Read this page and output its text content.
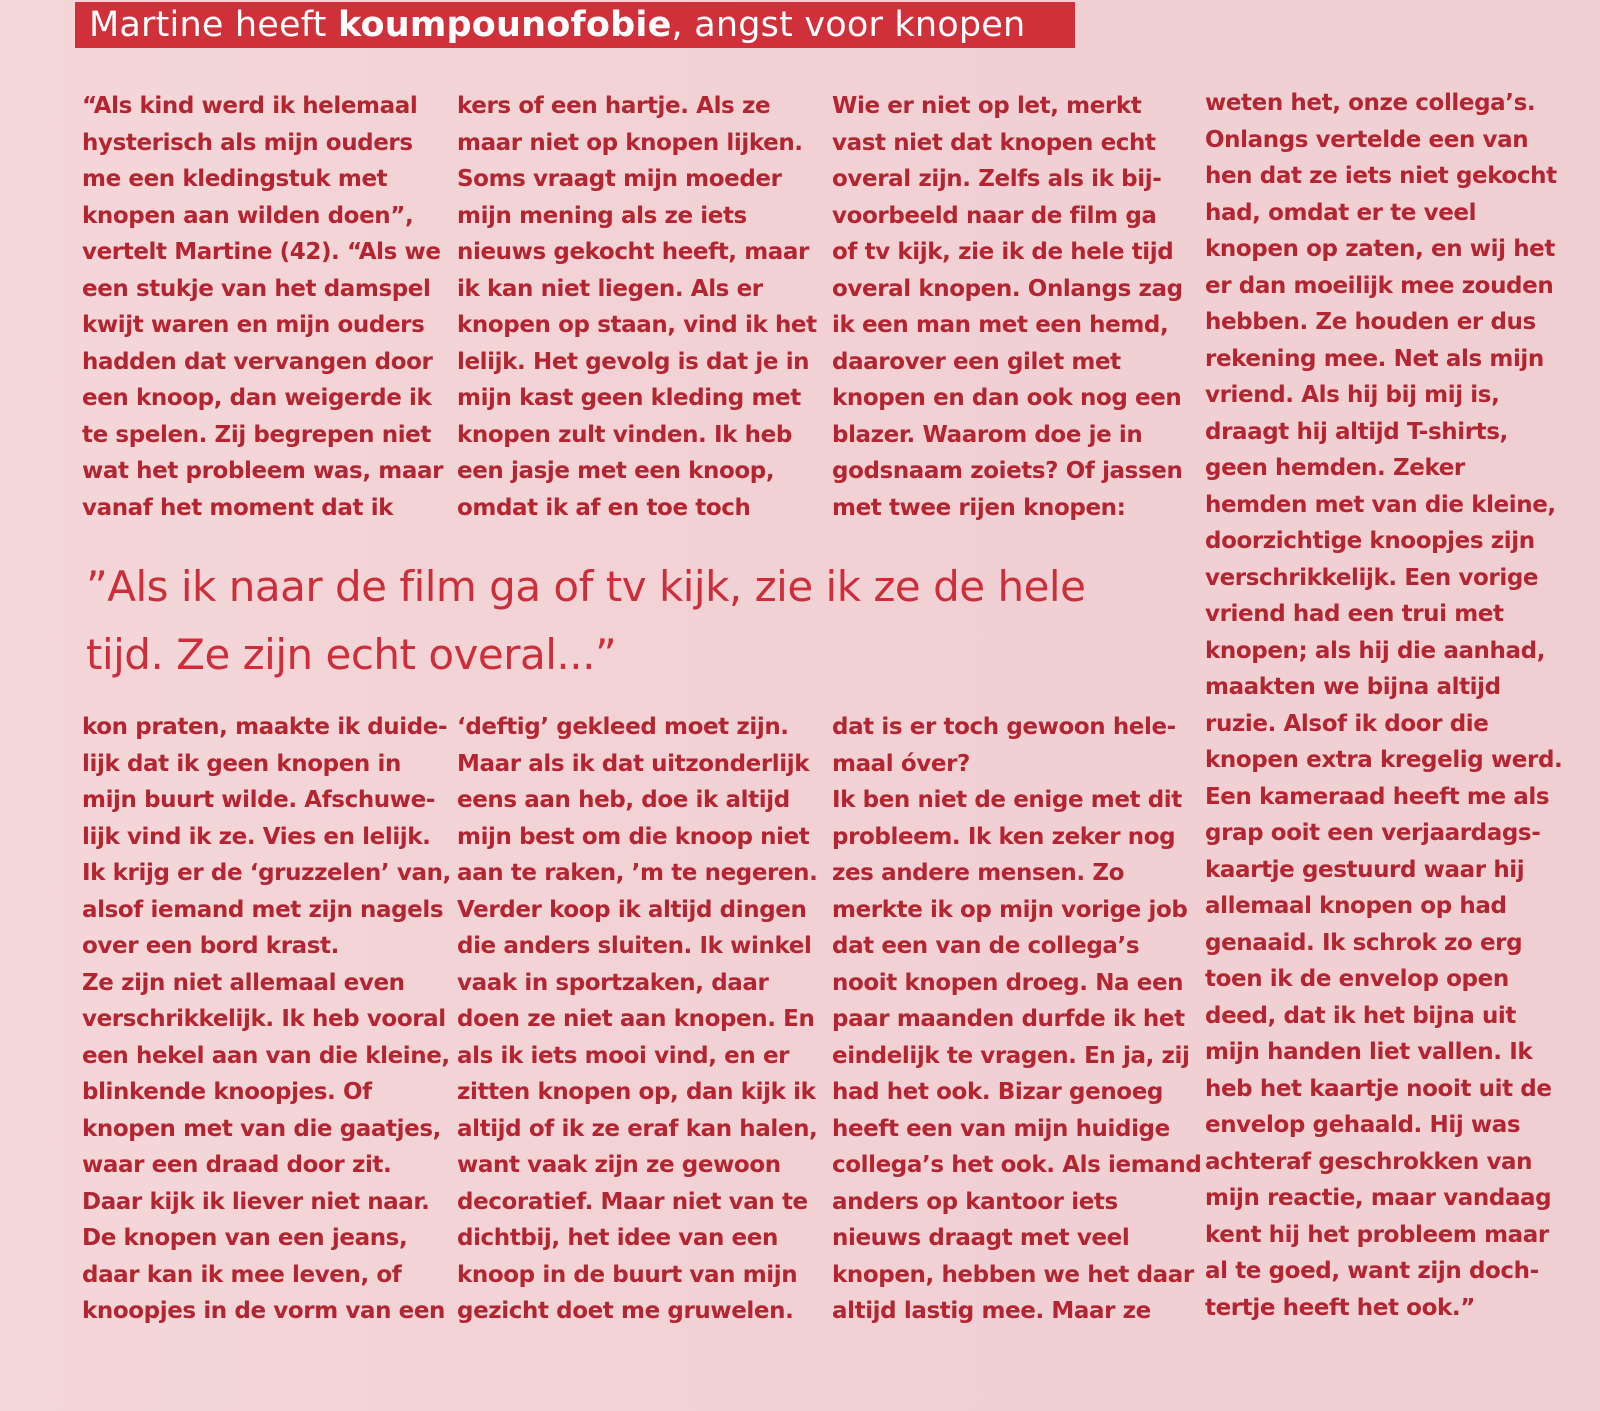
Martine heeft koumpounofobie, angst voor knopen
“Als kind werd ik helemaal
hysterisch als mijn ouders
me een kledingstuk met
knopen aan wilden doen”,
vertelt Martine (42). “Als we
een stukje van het damspel
kwijt waren en mijn ouders
hadden dat vervangen door
een knoop, dan weigerde ik
te spelen. Zij begrepen niet
wat het probleem was, maar
vanaf het moment dat ik
kers of een hartje. Als ze
maar niet op knopen lijken.
Soms vraagt mijn moeder
mijn mening als ze iets
nieuws gekocht heeft, maar
ik kan niet liegen. Als er
knopen op staan, vind ik het
lelijk. Het gevolg is dat je in
mijn kast geen kleding met
knopen zult vinden. Ik heb
een jasje met een knoop,
omdat ik af en toe toch
Wie er niet op let, merkt
vast niet dat knopen echt
overal zijn. Zelfs als ik bij-
voorbeeld naar de film ga
of tv kijk, zie ik de hele tijd
overal knopen. Onlangs zag
ik een man met een hemd,
daarover een gilet met
knopen en dan ook nog een
blazer. Waarom doe je in
godsnaam zoiets? Of jassen
met twee rijen knopen:
weten het, onze collega’s.
Onlangs vertelde een van
hen dat ze iets niet gekocht
had, omdat er te veel
knopen op zaten, en wij het
er dan moeilijk mee zouden
hebben. Ze houden er dus
rekening mee. Net als mijn
vriend. Als hij bij mij is,
draagt hij altijd T-shirts,
geen hemden. Zeker
hemden met van die kleine,
doorzichtige knoopjes zijn
verschrikkelijk. Een vorige
vriend had een trui met
knopen; als hij die aanhad,
maakten we bijna altijd
ruzie. Alsof ik door die
knopen extra kregelig werd.
Een kameraad heeft me als
grap ooit een verjaardags-
kaartje gestuurd waar hij
allemaal knopen op had
genaaid. Ik schrok zo erg
toen ik de envelop open
deed, dat ik het bijna uit
mijn handen liet vallen. Ik
heb het kaartje nooit uit de
envelop gehaald. Hij was
achteraf geschrokken van
mijn reactie, maar vandaag
kent hij het probleem maar
al te goed, want zijn doch-
tertje heeft het ook.”
”Als ik naar de film ga of tv kijk, zie ik ze de hele
tijd. Ze zijn echt overal...”
kon praten, maakte ik duide-
lijk dat ik geen knopen in
mijn buurt wilde. Afschuwe-
lijk vind ik ze. Vies en lelijk.
Ik krijg er de ‘gruzzelen’ van,
alsof iemand met zijn nagels
over een bord krast.
Ze zijn niet allemaal even
verschrikkelijk. Ik heb vooral
een hekel aan van die kleine,
blinkende knoopjes. Of
knopen met van die gaatjes,
waar een draad door zit.
Daar kijk ik liever niet naar.
De knopen van een jeans,
daar kan ik mee leven, of
knoopjes in de vorm van een
‘deftig’ gekleed moet zijn.
Maar als ik dat uitzonderlijk
eens aan heb, doe ik altijd
mijn best om die knoop niet
aan te raken, ’m te negeren.
Verder koop ik altijd dingen
die anders sluiten. Ik winkel
vaak in sportzaken, daar
doen ze niet aan knopen. En
als ik iets mooi vind, en er
zitten knopen op, dan kijk ik
altijd of ik ze eraf kan halen,
want vaak zijn ze gewoon
decoratief. Maar niet van te
dichtbij, het idee van een
knoop in de buurt van mijn
gezicht doet me gruwelen.
dat is er toch gewoon hele-
maal óver?
Ik ben niet de enige met dit
probleem. Ik ken zeker nog
zes andere mensen. Zo
merkte ik op mijn vorige job
dat een van de collega’s
nooit knopen droeg. Na een
paar maanden durfde ik het
eindelijk te vragen. En ja, zij
had het ook. Bizar genoeg
heeft een van mijn huidige
collega’s het ook. Als iemand
anders op kantoor iets
nieuws draagt met veel
knopen, hebben we het daar
altijd lastig mee. Maar ze
